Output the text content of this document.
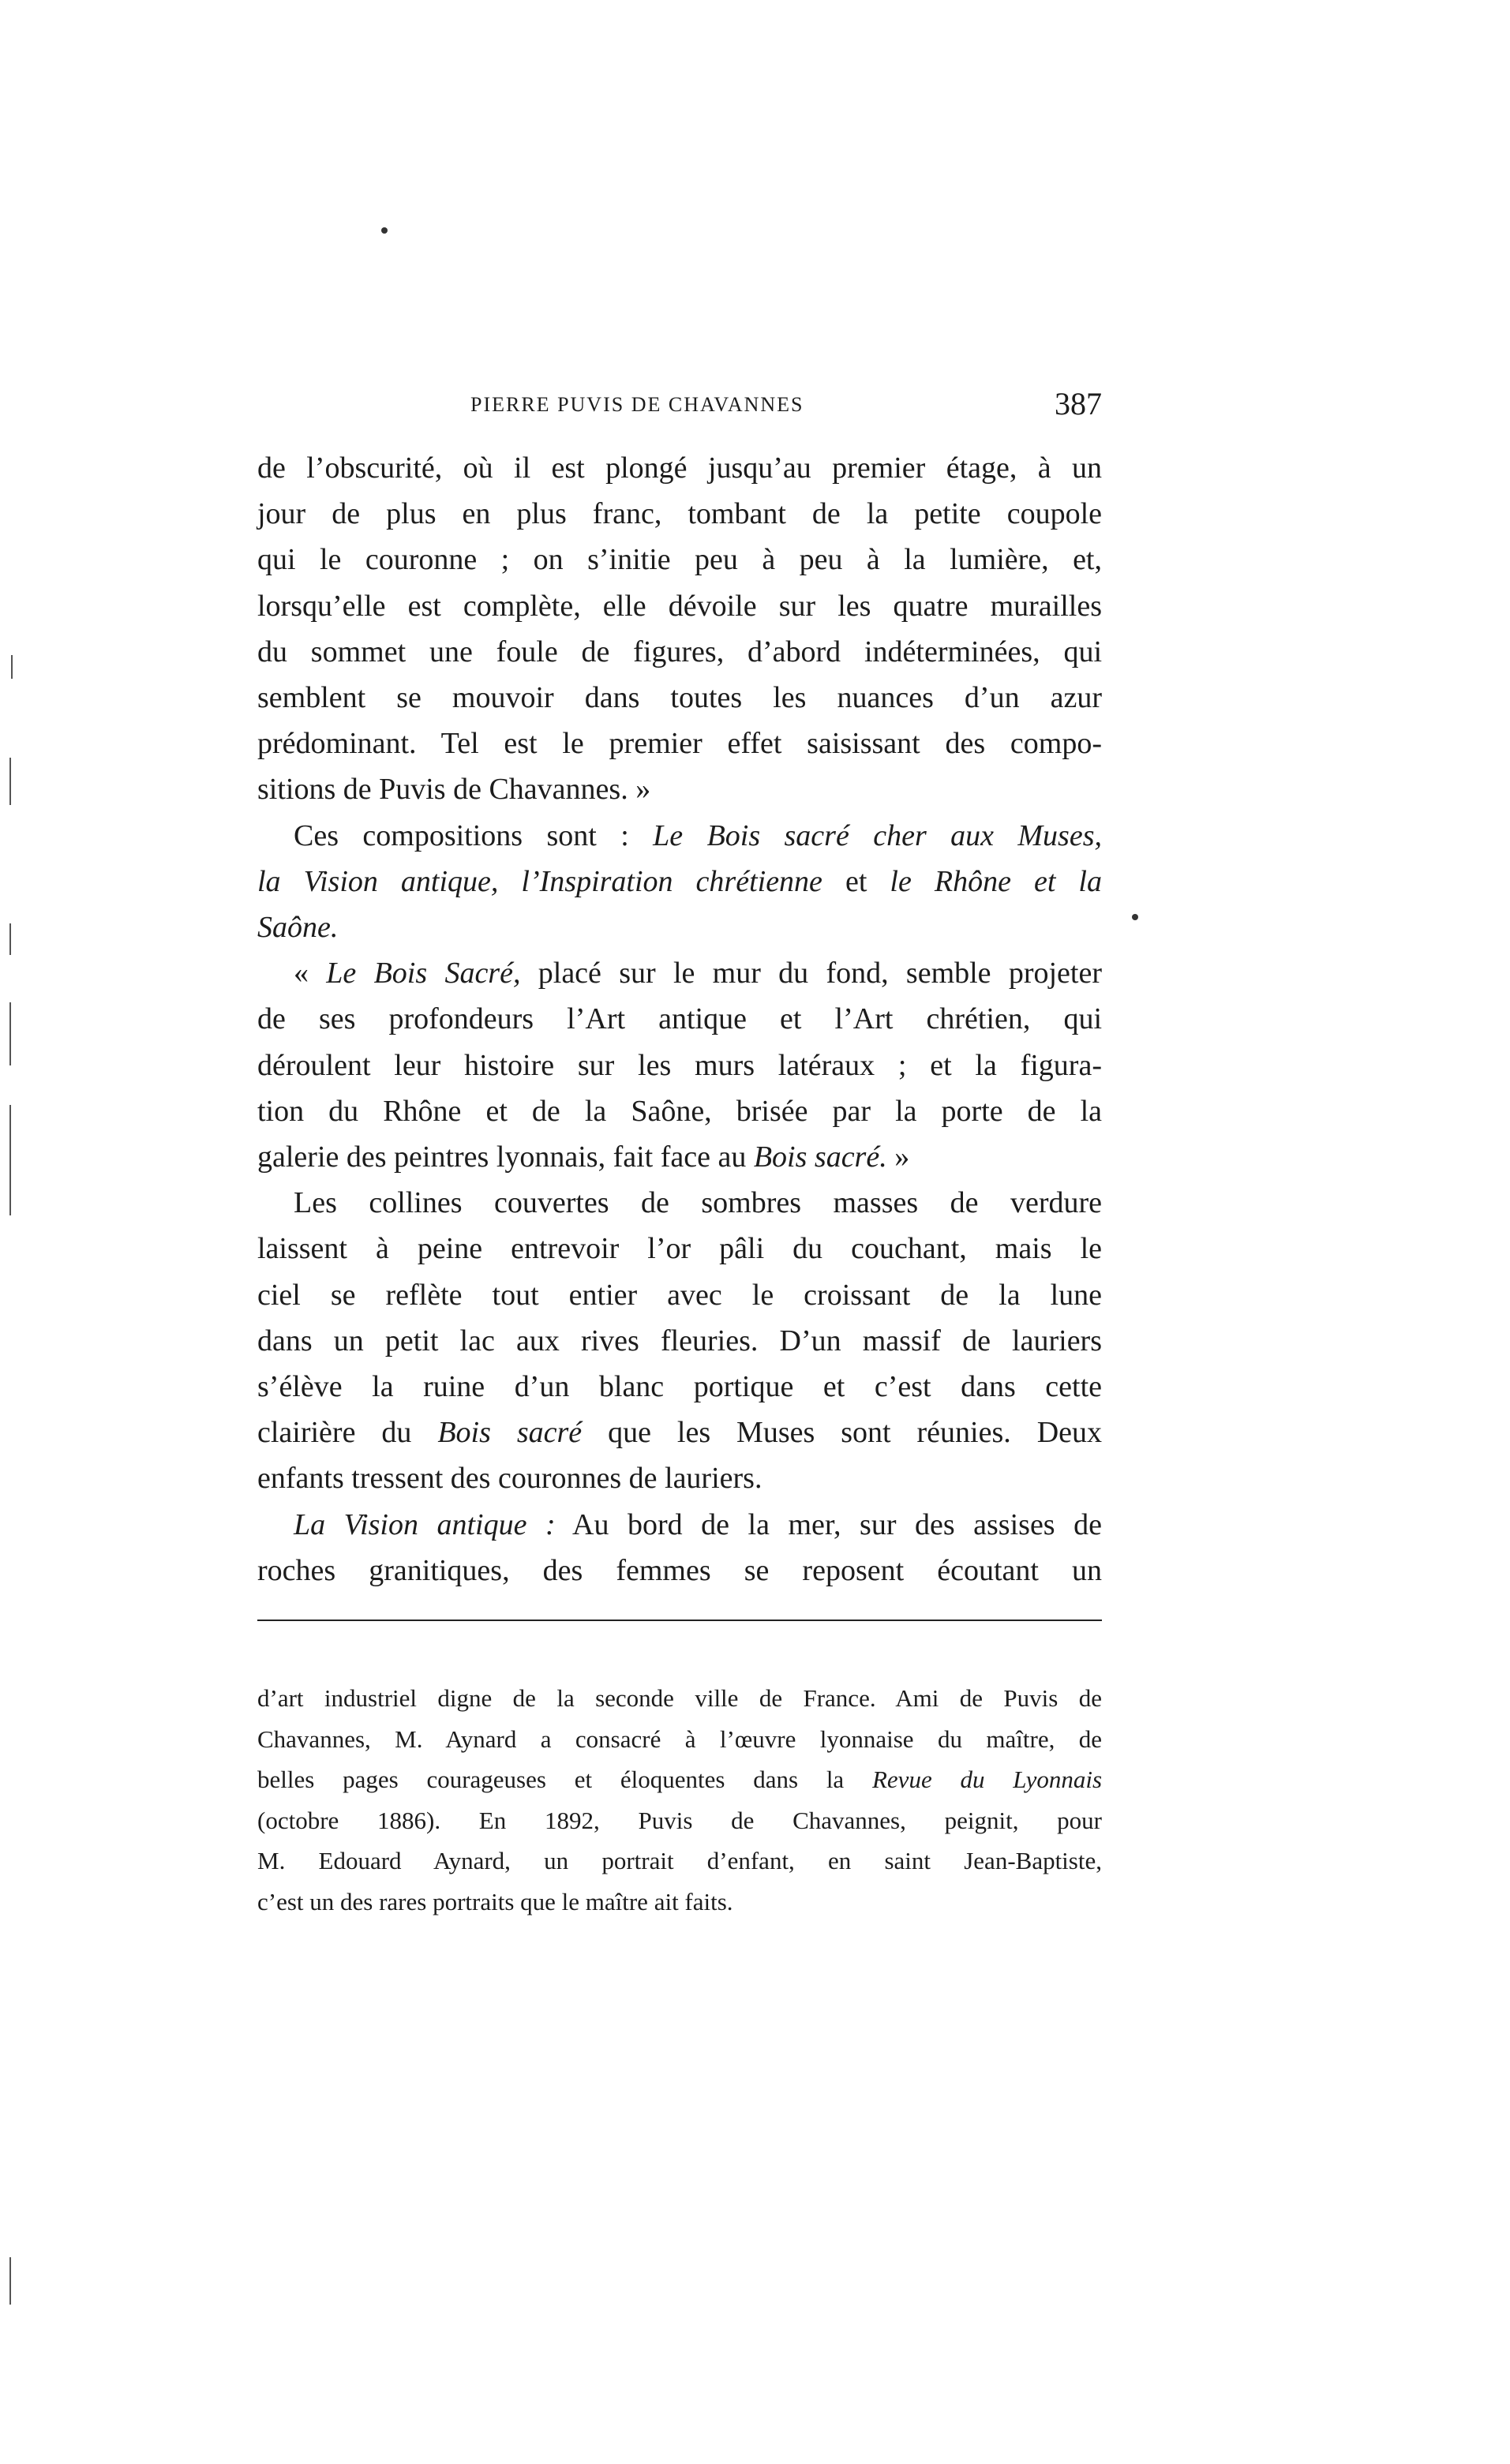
PIERRE PUVIS DE CHAVANNES	387

de l’obscurité, où il est plongé jusqu’au premier étage, à un

jour de plus en plus franc, tombant de la petite coupole

qui le couronne ; on s’initie peu à peu à la lumière, et,

lorsqu’elle est complète, elle dévoile sur les quatre murailles

du sommet une foule de figures, d’abord indéterminées, qui

semblent se mouvoir dans toutes les nuances d’un azur

prédominant. Tel est le premier effet saisissant des compo-

sitions de Puvis de Chavannes. »

Ces compositions sont : Le Bois sacré cher aux Muses,

la Vision antique, l’Inspiration chrétienne et le Rhône et la

Saône.

« Le Bois Sacré, placé sur le mur du fond, semble projeter

de ses profondeurs l’Art antique et l’Art chrétien, qui

déroulent leur histoire sur les murs latéraux ; et la figura-

tion du Rhône et de la Saône, brisée par la porte de la

galerie des peintres lyonnais, fait face au Bois sacré. »

Les collines couvertes de sombres masses de verdure

laissent à peine entrevoir l’or pâli du couchant, mais le

ciel se reflète tout entier avec le croissant de la lune

dans un petit lac aux rives fleuries. D’un massif de lauriers

s’élève la ruine d’un blanc portique et c’est dans cette

clairière du Bois sacré que les Muses sont réunies. Deux

enfants tressent des couronnes de lauriers.

La Vision antique : Au bord de la mer, sur des assises de

roches granitiques, des femmes se reposent écoutant un

d’art industriel digne de la seconde ville de France. Ami de Puvis de

Chavannes, M. Aynard a consacré à l’œuvre lyonnaise du maître, de

belles pages courageuses et éloquentes dans la Revue du Lyonnais

(octobre 1886). En 1892, Puvis de Chavannes, peignit, pour

M. Edouard Aynard, un portrait d’enfant, en saint Jean-Baptiste,

c’est un des rares portraits que le maître ait faits.
